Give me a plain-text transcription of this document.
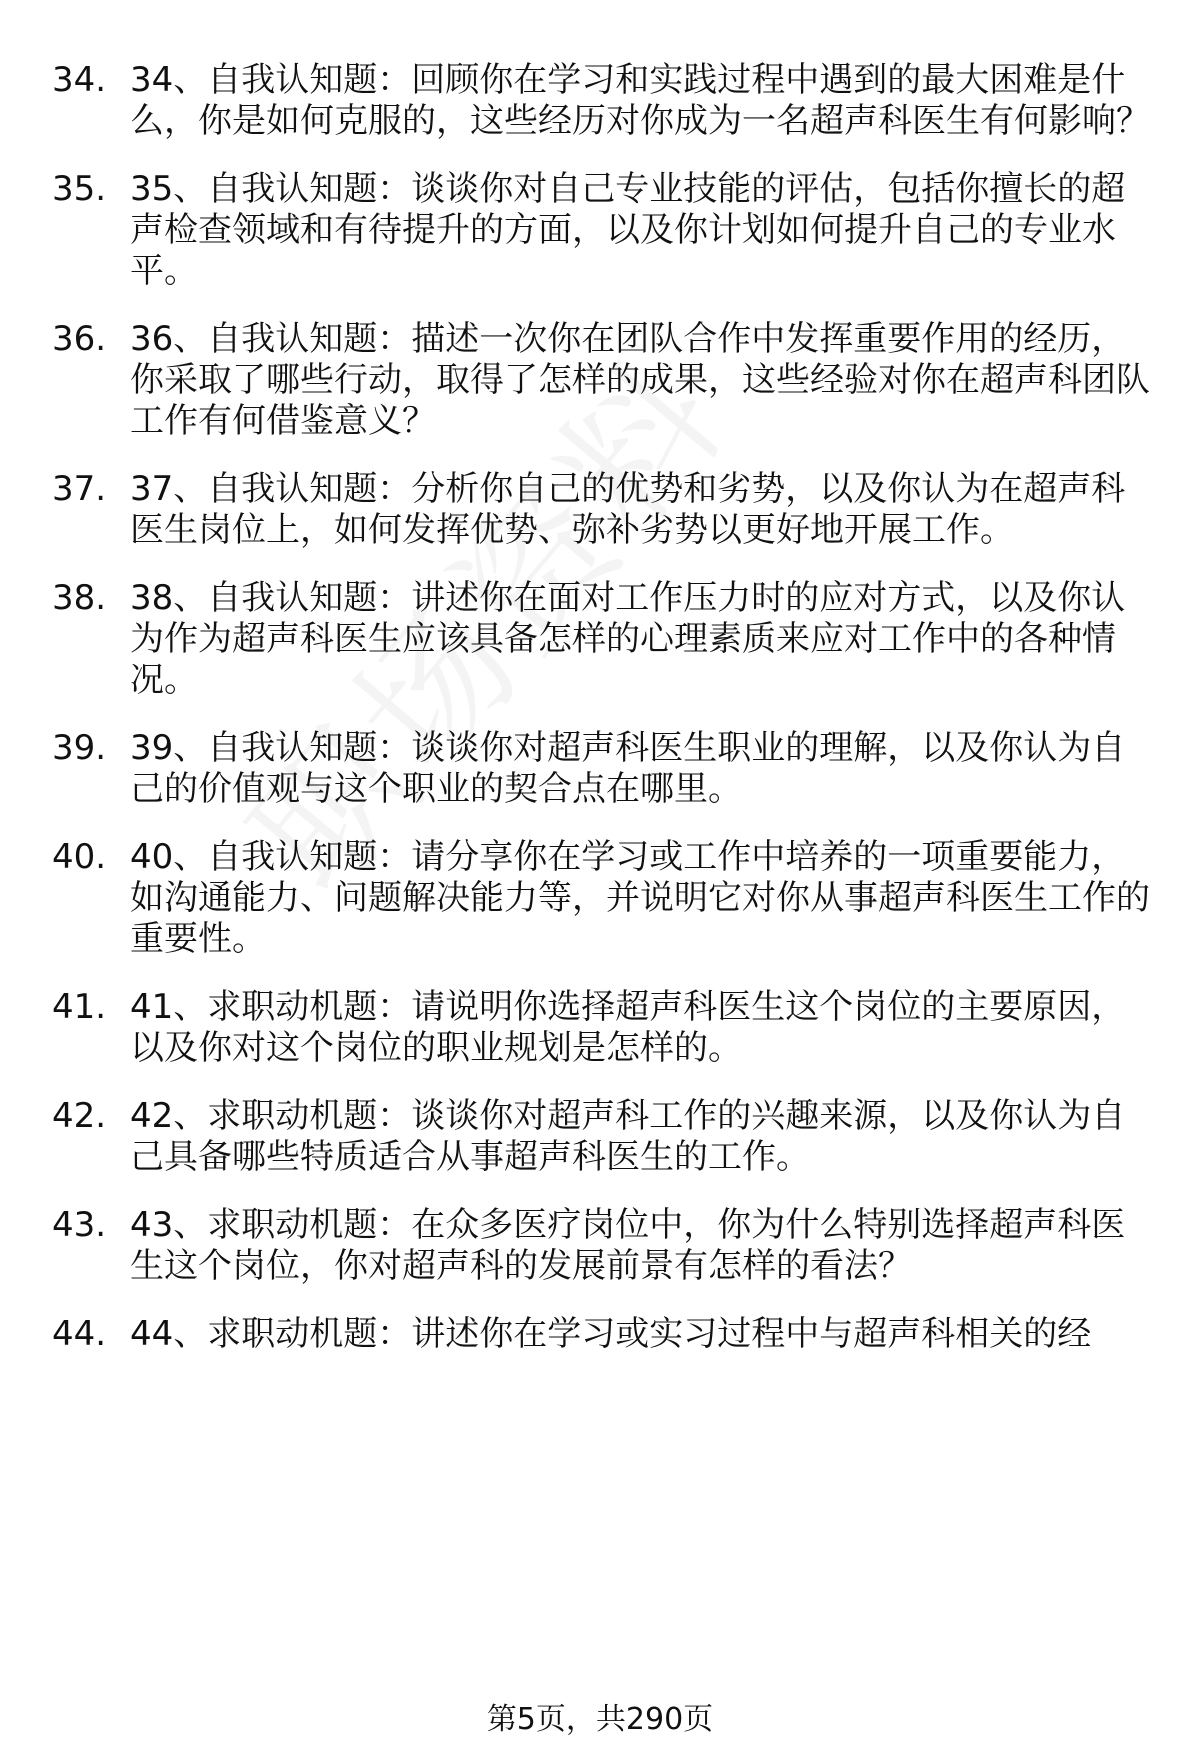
34. 34、自我认知题：回顾你在学习和实践过程中遇到的最大困难是什么，你是如何克服的，这些经历对你成为一名超声科医生有何影响？
35. 35、自我认知题：谈谈你对自己专业技能的评估，包括你擅长的超声检查领域和有待提升的方面，以及你计划如何提升自己的专业水平。
36. 36、自我认知题：描述一次你在团队合作中发挥重要作用的经历，你采取了哪些行动，取得了怎样的成果，这些经验对你在超声科团队工作有何借鉴意义？
37. 37、自我认知题：分析你自己的优势和劣势，以及你认为在超声科医生岗位上，如何发挥优势、弥补劣势以更好地开展工作。
38. 38、自我认知题：讲述你在面对工作压力时的应对方式，以及你认为作为超声科医生应该具备怎样的心理素质来应对工作中的各种情况。
39. 39、自我认知题：谈谈你对超声科医生职业的理解，以及你认为自己的价值观与这个职业的契合点在哪里。
40. 40、自我认知题：请分享你在学习或工作中培养的一项重要能力，如沟通能力、问题解决能力等，并说明它对你从事超声科医生工作的重要性。
41. 41、求职动机题：请说明你选择超声科医生这个岗位的主要原因，以及你对这个岗位的职业规划是怎样的。
42. 42、求职动机题：谈谈你对超声科工作的兴趣来源，以及你认为自己具备哪些特质适合从事超声科医生的工作。
43. 43、求职动机题：在众多医疗岗位中，你为什么特别选择超声科医生这个岗位，你对超声科的发展前景有怎样的看法？
44. 44、求职动机题：讲述你在学习或实习过程中与超声科相关的经
第5页，共290页
